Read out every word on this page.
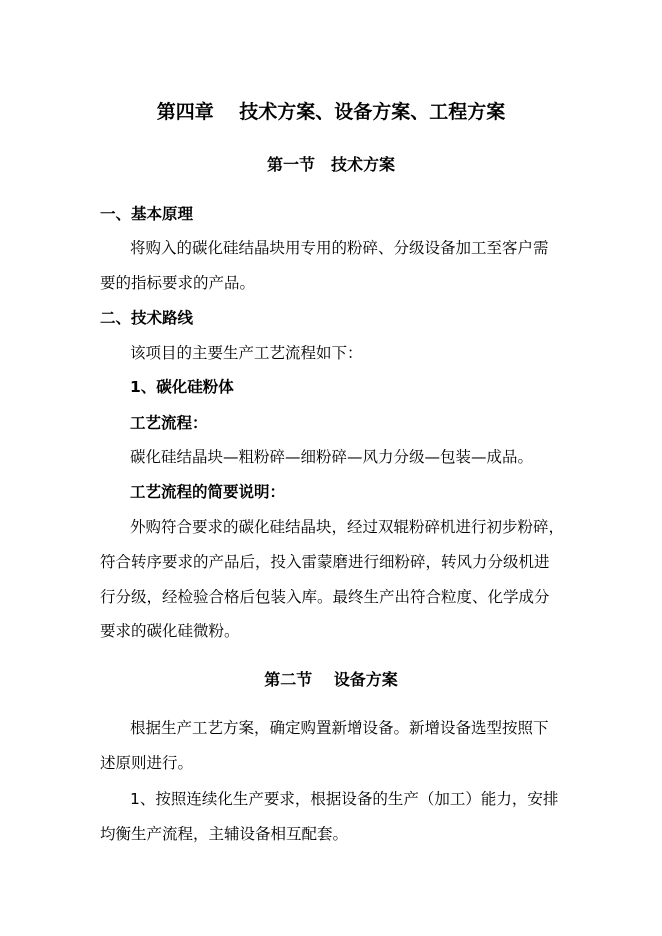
第四章　 技术方案、设备方案、工程方案
第一节　技术方案
一、基本原理
将购入的碳化硅结晶块用专用的粉碎、分级设备加工至客户需
要的指标要求的产品。
二、技术路线
该项目的主要生产工艺流程如下：
1、碳化硅粉体
工艺流程：
碳化硅结晶块—粗粉碎—细粉碎—风力分级—包装—成品。
工艺流程的简要说明：
外购符合要求的碳化硅结晶块，经过双辊粉碎机进行初步粉碎，
符合转序要求的产品后，投入雷蒙磨进行细粉碎，转风力分级机进
行分级，经检验合格后包装入库。最终生产出符合粒度、化学成分
要求的碳化硅微粉。
第二节　 设备方案
根据生产工艺方案，确定购置新增设备。新增设备选型按照下
述原则进行。
1、按照连续化生产要求，根据设备的生产（加工）能力，安排
均衡生产流程，主辅设备相互配套。
